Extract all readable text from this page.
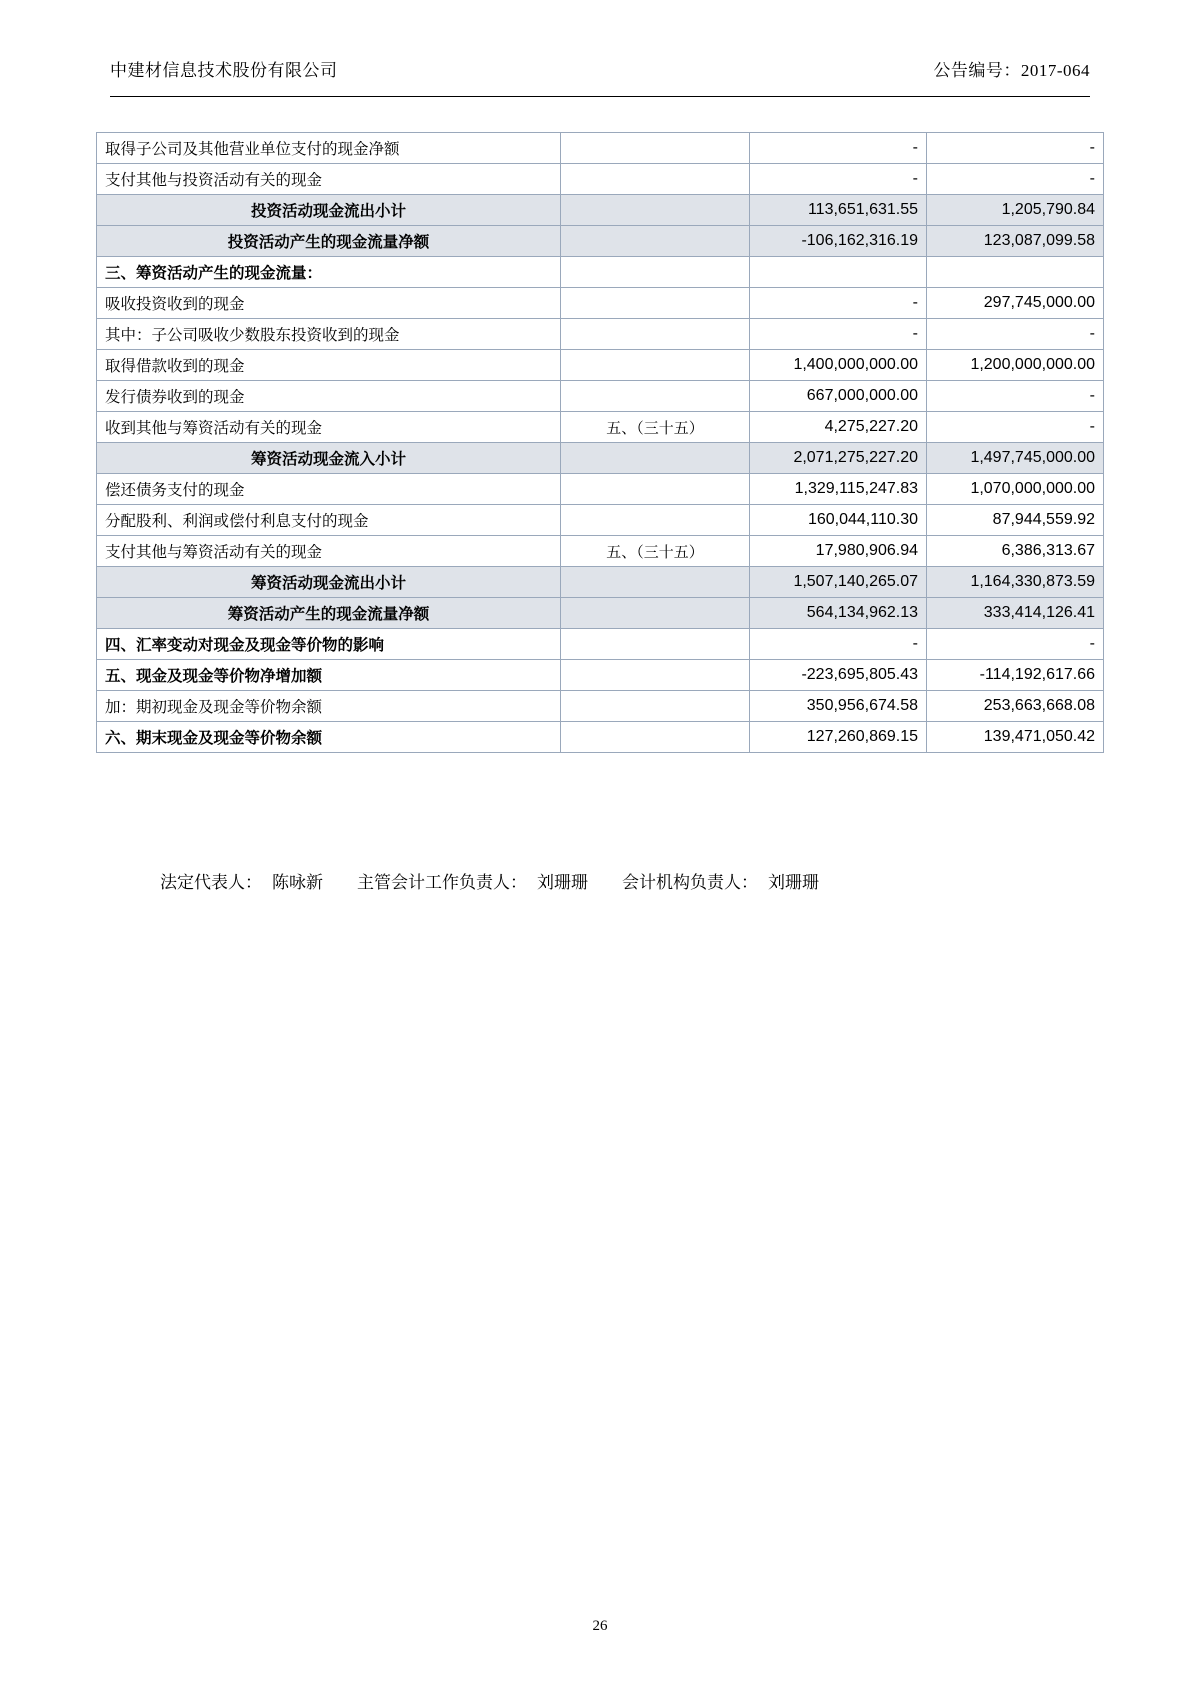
中建材信息技术股份有限公司	公告编号：2017-064
取得子公司及其他营业单位支付的现金净额		-	-
支付其他与投资活动有关的现金		-	-
投资活动现金流出小计		113,651,631.55	1,205,790.84
投资活动产生的现金流量净额		-106,162,316.19	123,087,099.58
三、筹资活动产生的现金流量：			
吸收投资收到的现金		-	297,745,000.00
其中：子公司吸收少数股东投资收到的现金		-	-
取得借款收到的现金		1,400,000,000.00	1,200,000,000.00
发行债券收到的现金		667,000,000.00	-
收到其他与筹资活动有关的现金	五、（三十五）	4,275,227.20	-
筹资活动现金流入小计		2,071,275,227.20	1,497,745,000.00
偿还债务支付的现金		1,329,115,247.83	1,070,000,000.00
分配股利、利润或偿付利息支付的现金		160,044,110.30	87,944,559.92
支付其他与筹资活动有关的现金	五、（三十五）	17,980,906.94	6,386,313.67
筹资活动现金流出小计		1,507,140,265.07	1,164,330,873.59
筹资活动产生的现金流量净额		564,134,962.13	333,414,126.41
四、汇率变动对现金及现金等价物的影响		-	-
五、现金及现金等价物净增加额		-223,695,805.43	-114,192,617.66
加：期初现金及现金等价物余额		350,956,674.58	253,663,668.08
六、期末现金及现金等价物余额		127,260,869.15	139,471,050.42
法定代表人： 陈咏新 主管会计工作负责人： 刘珊珊 会计机构负责人： 刘珊珊
26
